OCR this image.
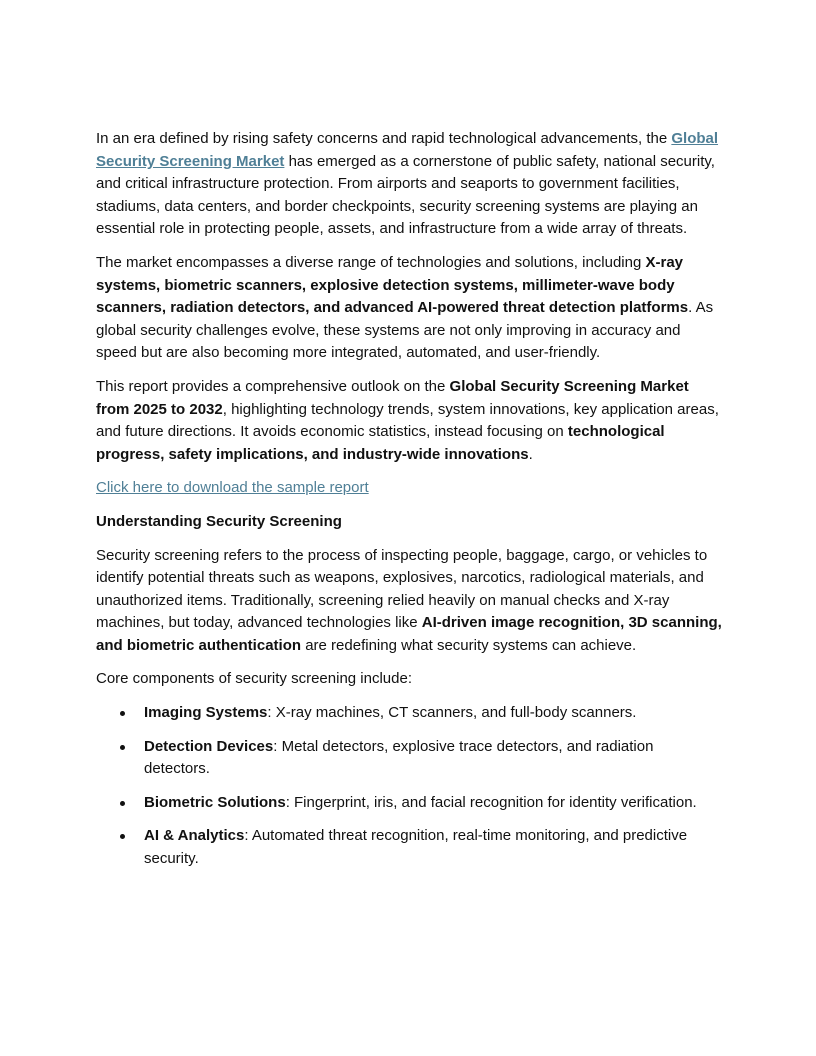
In an era defined by rising safety concerns and rapid technological advancements, the Global Security Screening Market has emerged as a cornerstone of public safety, national security, and critical infrastructure protection. From airports and seaports to government facilities, stadiums, data centers, and border checkpoints, security screening systems are playing an essential role in protecting people, assets, and infrastructure from a wide array of threats.

The market encompasses a diverse range of technologies and solutions, including X-ray systems, biometric scanners, explosive detection systems, millimeter-wave body scanners, radiation detectors, and advanced AI-powered threat detection platforms. As global security challenges evolve, these systems are not only improving in accuracy and speed but are also becoming more integrated, automated, and user-friendly.

This report provides a comprehensive outlook on the Global Security Screening Market from 2025 to 2032, highlighting technology trends, system innovations, key application areas, and future directions. It avoids economic statistics, instead focusing on technological progress, safety implications, and industry-wide innovations.

Click here to download the sample report

Understanding Security Screening

Security screening refers to the process of inspecting people, baggage, cargo, or vehicles to identify potential threats such as weapons, explosives, narcotics, radiological materials, and unauthorized items. Traditionally, screening relied heavily on manual checks and X-ray machines, but today, advanced technologies like AI-driven image recognition, 3D scanning, and biometric authentication are redefining what security systems can achieve.

Core components of security screening include:

Imaging Systems: X-ray machines, CT scanners, and full-body scanners.
Detection Devices: Metal detectors, explosive trace detectors, and radiation detectors.
Biometric Solutions: Fingerprint, iris, and facial recognition for identity verification.
AI & Analytics: Automated threat recognition, real-time monitoring, and predictive security.
